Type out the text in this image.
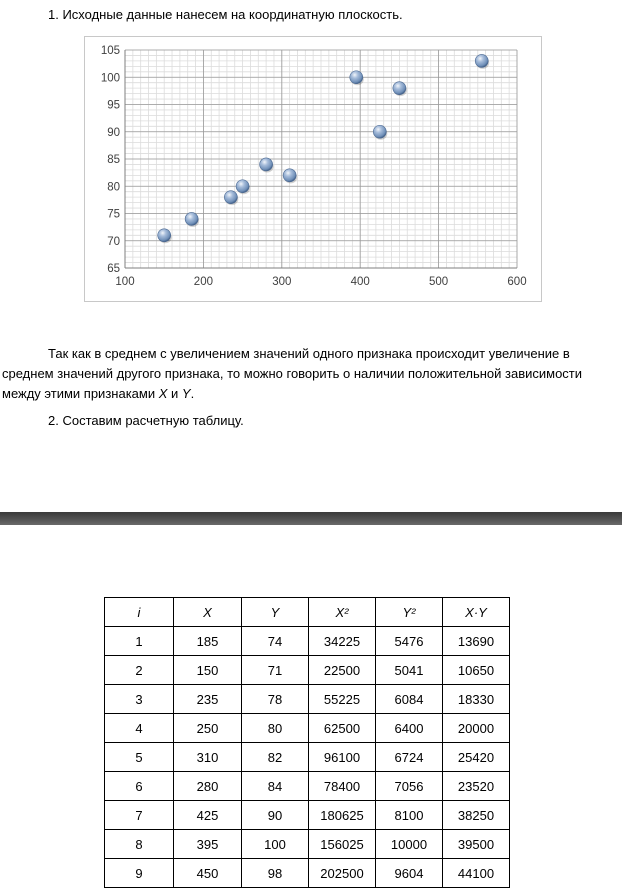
1. Исходные данные нанесем на координатную плоскость.
65
70
75
80
85
90
95
100
105
100	200	300	400	500	600
Так как в среднем с увеличением значений одного признака происходит увеличение в среднем значений другого признака, то можно говорить о наличии положительной зависимости между этими признаками X и Y.
2. Составим расчетную таблицу.
i	X	Y	X²	Y²	X·Y
1	185	74	34225	5476	13690
2	150	71	22500	5041	10650
3	235	78	55225	6084	18330
4	250	80	62500	6400	20000
5	310	82	96100	6724	25420
6	280	84	78400	7056	23520
7	425	90	180625	8100	38250
8	395	100	156025	10000	39500
9	450	98	202500	9604	44100
